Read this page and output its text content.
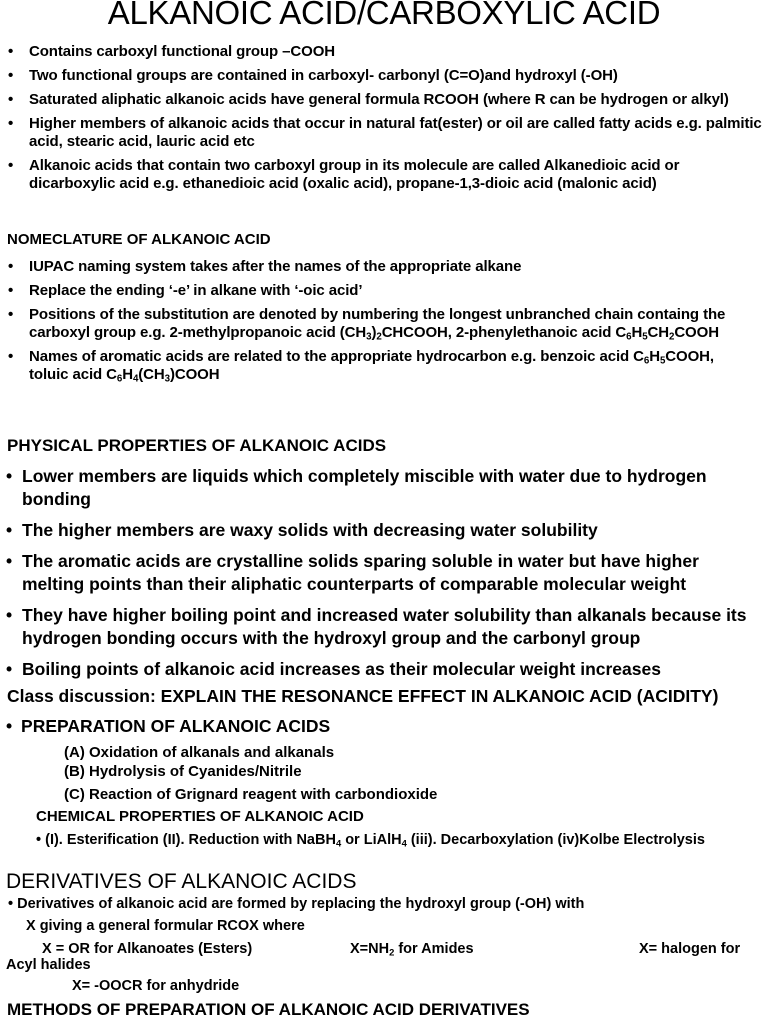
ALKANOIC ACID/CARBOXYLIC ACID
• Contains carboxyl functional group –COOH
• Two functional groups are contained in carboxyl- carbonyl (C=O)and hydroxyl (-OH)
• Saturated aliphatic alkanoic acids have general formula RCOOH (where R can be hydrogen or alkyl)
• Higher members of alkanoic acids that occur in natural fat(ester) or oil are called fatty acids e.g. palmitic acid, stearic acid, lauric acid etc
• Alkanoic acids that contain two carboxyl group in its molecule are called Alkanedioic acid or dicarboxylic acid e.g. ethanedioic acid (oxalic acid), propane-1,3-dioic acid (malonic acid)
NOMECLATURE OF ALKANOIC ACID
• IUPAC naming system takes after the names of the appropriate alkane
• Replace the ending ‘-e’ in alkane with ‘-oic acid’
• Positions of the substitution are denoted by numbering the longest unbranched chain containg the carboxyl group e.g. 2-methylpropanoic acid $(CH_3)_2CHCOOH$, 2-phenylethanoic acid $C_6H_5CH_2COOH$
• Names of aromatic acids are related to the appropriate hydrocarbon e.g. benzoic acid $C_6H_5COOH$, toluic acid $C_6H_4(CH_3)COOH$
PHYSICAL PROPERTIES OF ALKANOIC ACIDS
• Lower members are liquids which completely miscible with water due to hydrogen bonding
• The higher members are waxy solids with decreasing water solubility
• The aromatic acids are crystalline solids sparing soluble in water but have higher melting points than their aliphatic counterparts of comparable molecular weight
• They have higher boiling point and increased water solubility than alkanals because its hydrogen bonding occurs with the hydroxyl group and the carbonyl group
• Boiling points of alkanoic acid increases as their molecular weight increases
Class discussion: EXPLAIN THE RESONANCE EFFECT IN ALKANOIC ACID (ACIDITY)
• PREPARATION OF ALKANOIC ACIDS
(A) Oxidation of alkanals and alkanals
(B) Hydrolysis of Cyanides/Nitrile
(C) Reaction of Grignard reagent with carbondioxide
CHEMICAL PROPERTIES OF ALKANOIC ACID
• (I). Esterification (II). Reduction with NaBH$_4$ or LiAlH$_4$ (iii). Decarboxylation (iv)Kolbe Electrolysis
DERIVATIVES OF ALKANOIC ACIDS
• Derivatives of alkanoic acid are formed by replacing the hydroxyl group (-OH) with
X giving a general formular RCOX where
X = OR for Alkanoates (Esters)	$X=NH_2$ for Amides	X= halogen for
Acyl halides
X= -OOCR for anhydride
METHODS OF PREPARATION OF ALKANOIC ACID DERIVATIVES
